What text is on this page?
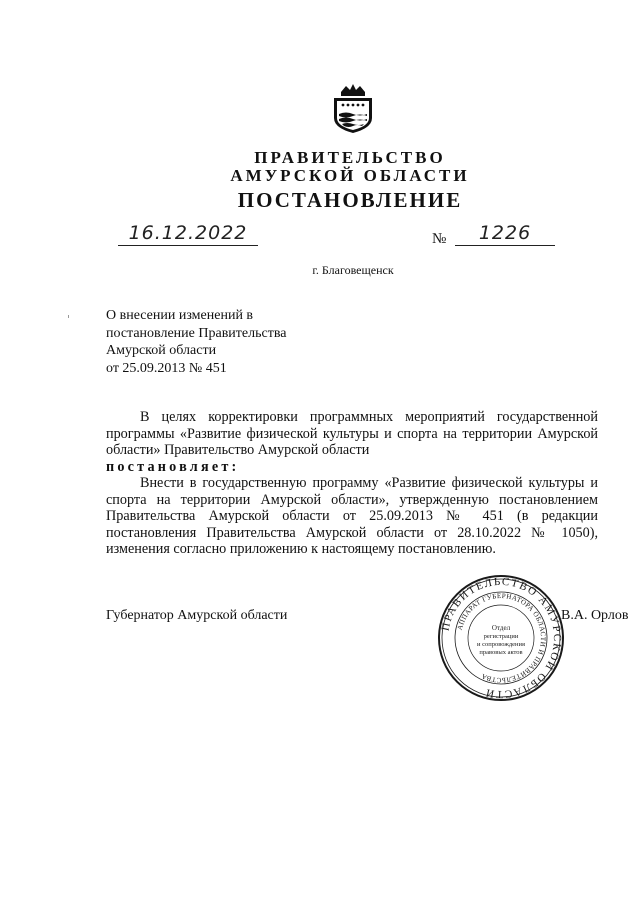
ПРАВИТЕЛЬСТВО
АМУРСКОЙ ОБЛАСТИ
ПОСТАНОВЛЕНИЕ
16.12.2022	№	1226
г. Благовещенск
О внесении изменений в
постановление Правительства
Амурской области
от 25.09.2013 № 451

В целях корректировки программных мероприятий государственной программы «Развитие физической культуры и спорта на территории Амурской области» Правительство Амурской области

постановляет:

Внести в государственную программу «Развитие физической культуры и спорта на территории Амурской области», утвержденную постановлением Правительства Амурской области от 25.09.2013 № 451 (в редакции постановления Правительства Амурской области от 28.10.2022 № 1050), изменения согласно приложению к настоящему постановлению.

Губернатор Амурской области	В.А. Орлов
ПРАВИТЕЛЬСТВО АМУРСКОЙ ОБЛАСТИ
АППАРАТ ГУБЕРНАТОРА ОБЛАСТИ И ПРАВИТЕЛЬСТВА
Отдел
регистрации
и сопровождения
правовых актов
